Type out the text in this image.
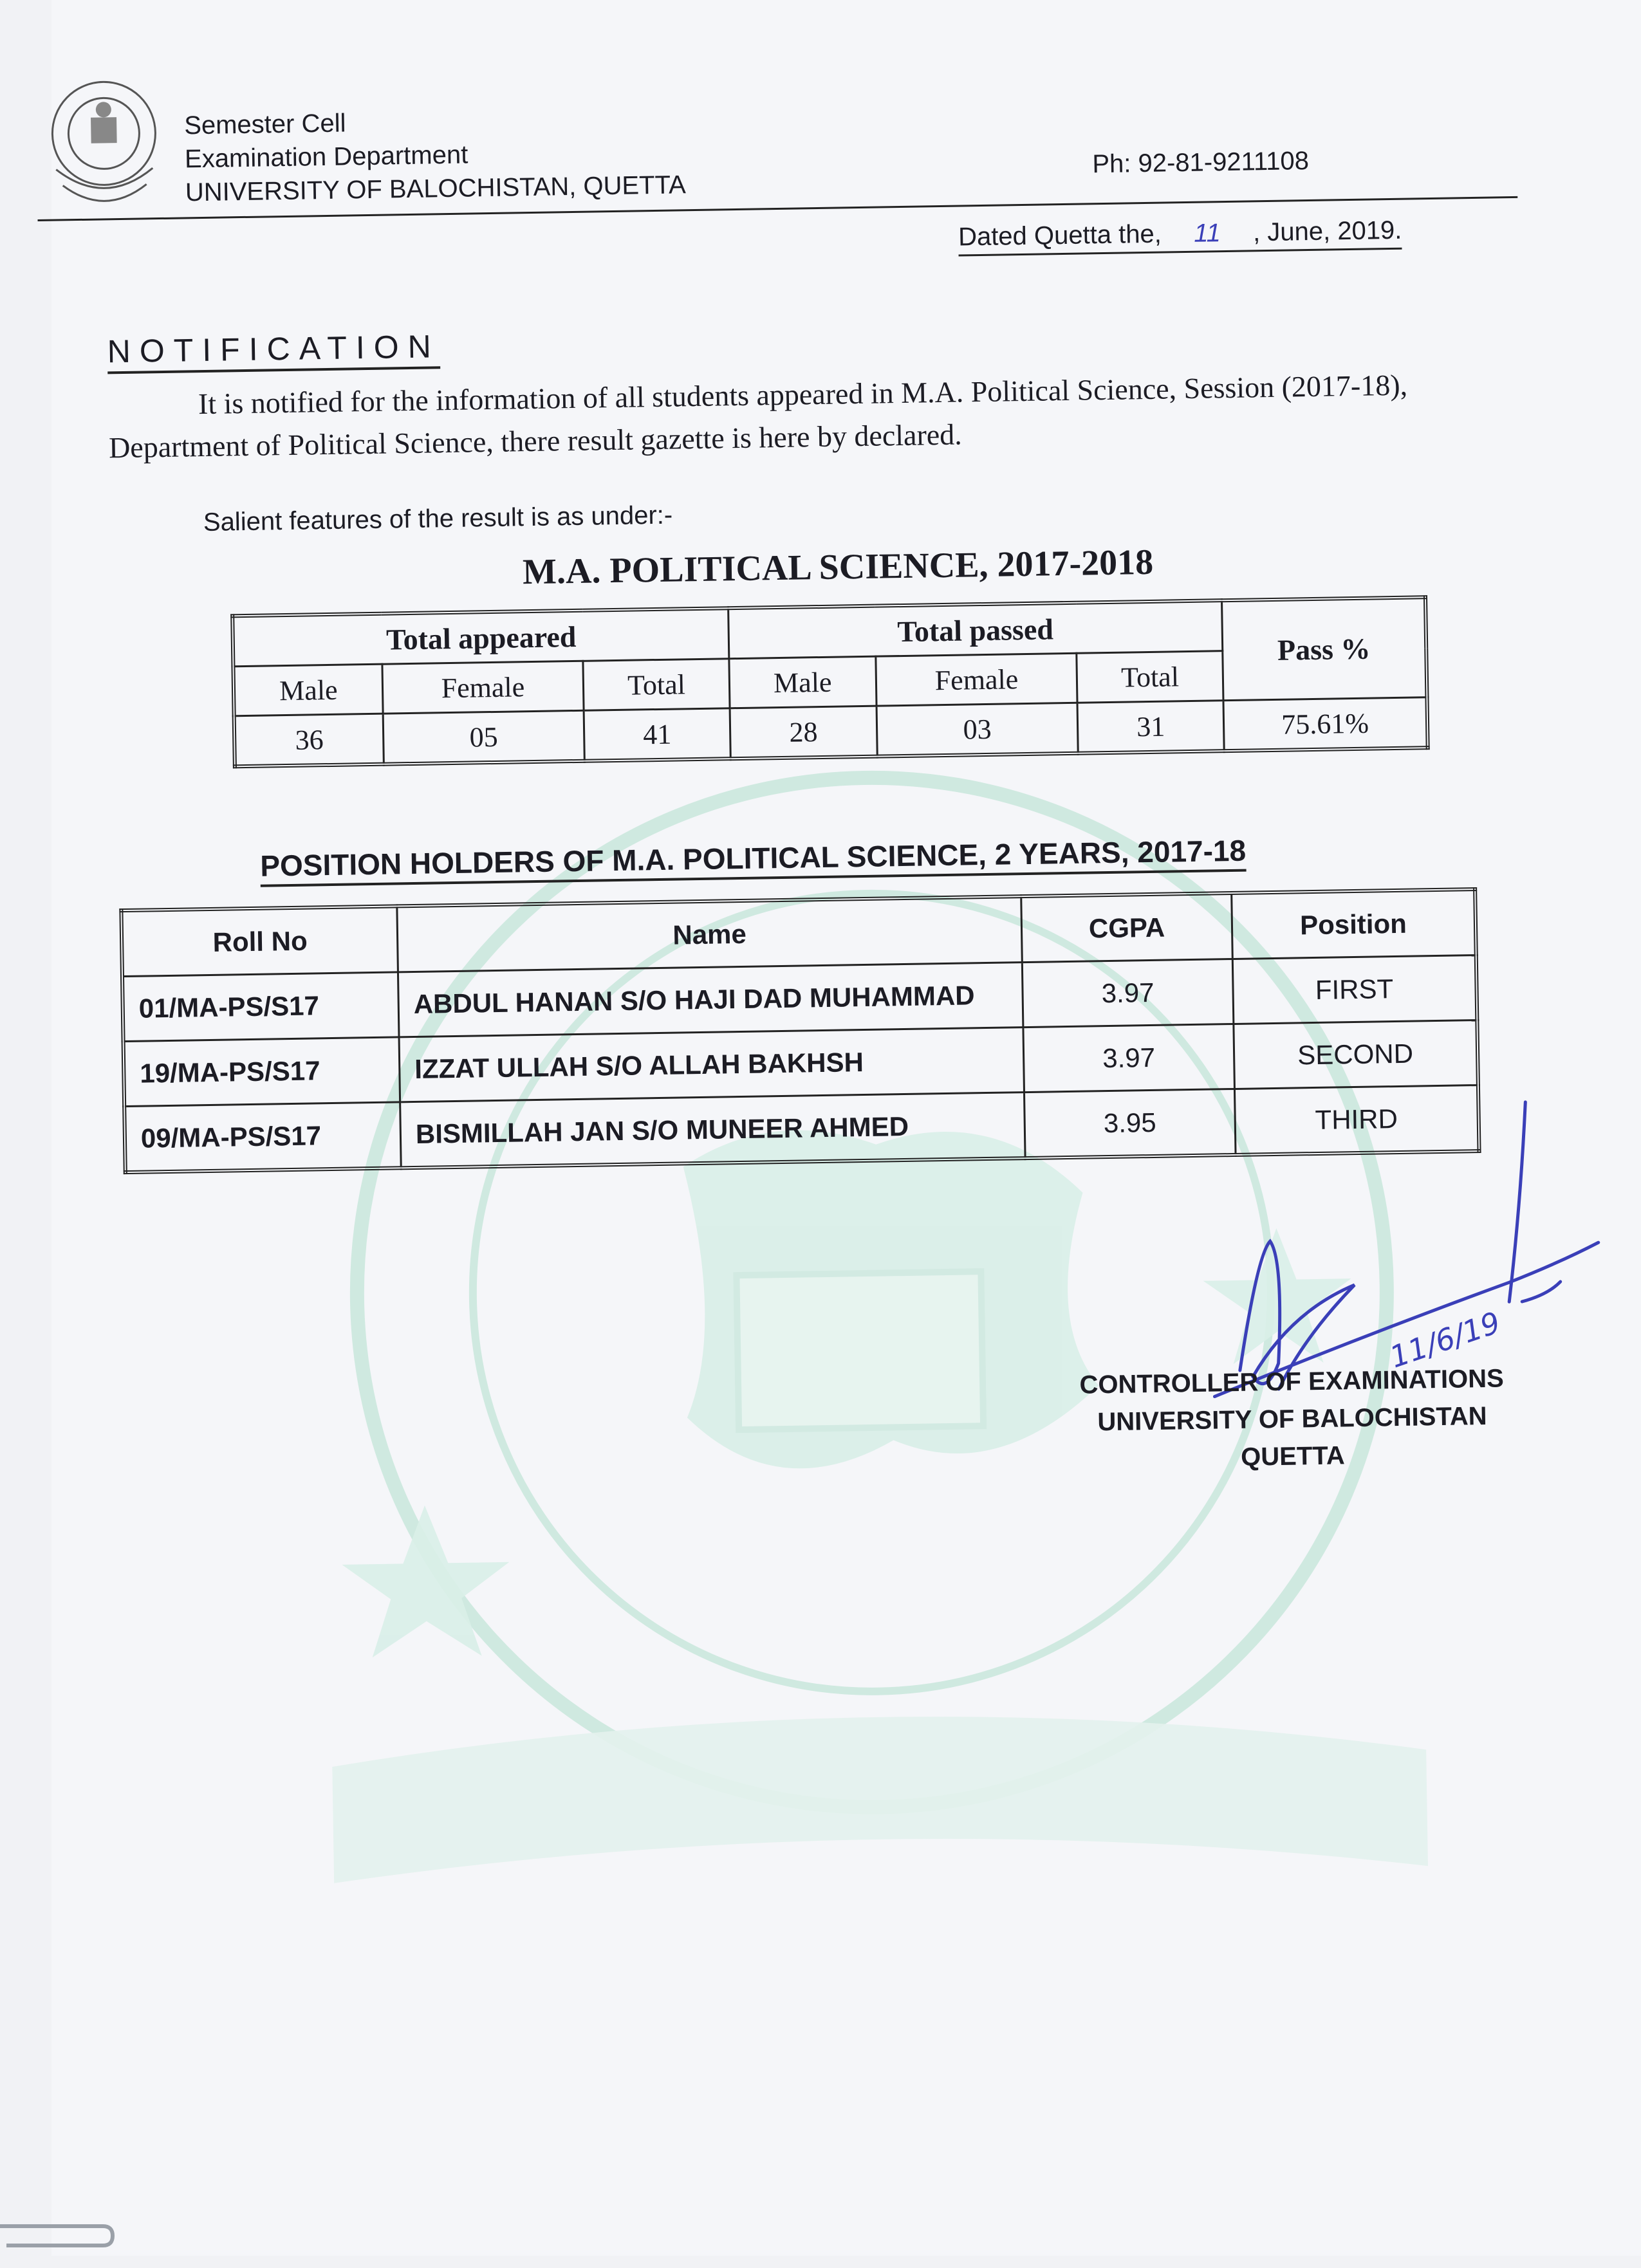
Semester Cell
Examination Department
UNIVERSITY OF BALOCHISTAN, QUETTA
Ph: 92-81-9211108
Dated Quetta the, 11 , June, 2019.
NOTIFICATION
It is notified for the information of all students appeared in M.A. Political Science, Session (2017-18), Department of Political Science, there result gazette is here by declared.
Salient features of the result is as under:-
M.A. POLITICAL SCIENCE, 2017-2018
Total appeared			Total passed			Pass %
Male	Female	Total	Male	Female	Total	
36	05	41	28	03	31	75.61%
POSITION HOLDERS OF M.A. POLITICAL SCIENCE, 2 YEARS, 2017-18
Roll No	Name	CGPA	Position
01/MA-PS/S17	ABDUL HANAN S/O HAJI DAD MUHAMMAD	3.97	FIRST
19/MA-PS/S17	IZZAT ULLAH S/O ALLAH BAKHSH	3.97	SECOND
09/MA-PS/S17	BISMILLAH JAN S/O MUNEER AHMED	3.95	THIRD
11/6/19
CONTROLLER OF EXAMINATIONS
UNIVERSITY OF BALOCHISTAN
QUETTA
